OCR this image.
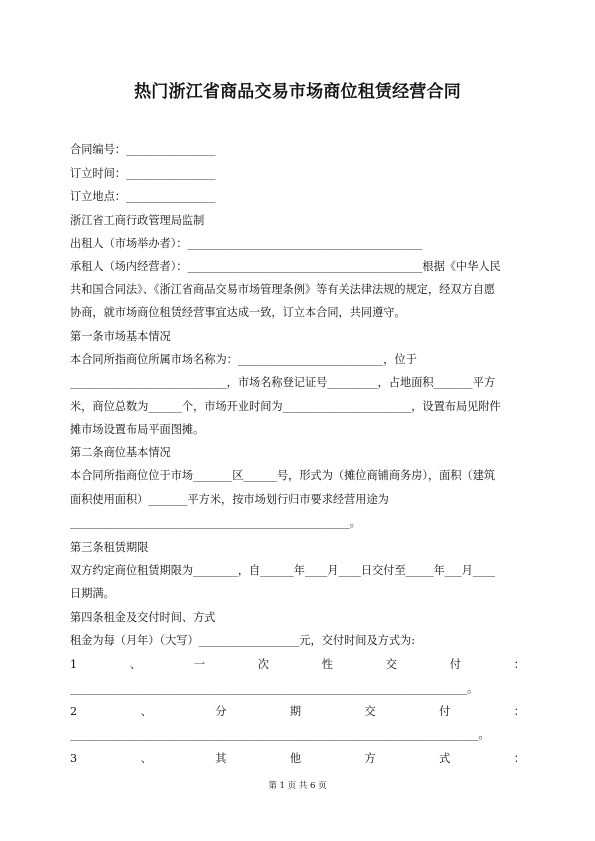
热门浙江省商品交易市场商位租赁经营合同
合同编号：________________
订立时间：________________
订立地点：________________
浙江省工商行政管理局监制
出租人（市场举办者）：__________________________________________
承租人（场内经营者）：__________________________________________根据《中华人民
共和国合同法》、《浙江省商品交易市场管理条例》等有关法律法规的规定，经双方自愿
协商，就市场商位租赁经营事宜达成一致，订立本合同，共同遵守。
第一条市场基本情况
本合同所指商位所属市场名称为：__________________________，位于
____________________________，市场名称登记证号_________，占地面积_______平方
米，商位总数为______个，市场开业时间为_______________________，设置布局见附件
摊市场设置布局平面图摊。
第二条商位基本情况
本合同所指商位位于市场_______区______号，形式为（摊位商铺商务房），面积（建筑
面积使用面积）_______平方米，按市场划行归市要求经营用途为
__________________________________________________。
第三条租赁期限
双方约定商位租赁期限为________，自______年____月____日交付至_____年___月____
日期满。
第四条租金及交付时间、方式
租金为每（月年）（大写）__________________元，交付时间及方式为:
1	、	一	次	性	交	付	：
_______________________________________________________________________。
2	、	分	期	交	付	：
_________________________________________________________________________。
3	、	其	他	方	式	：
第 1 页 共 6 页
